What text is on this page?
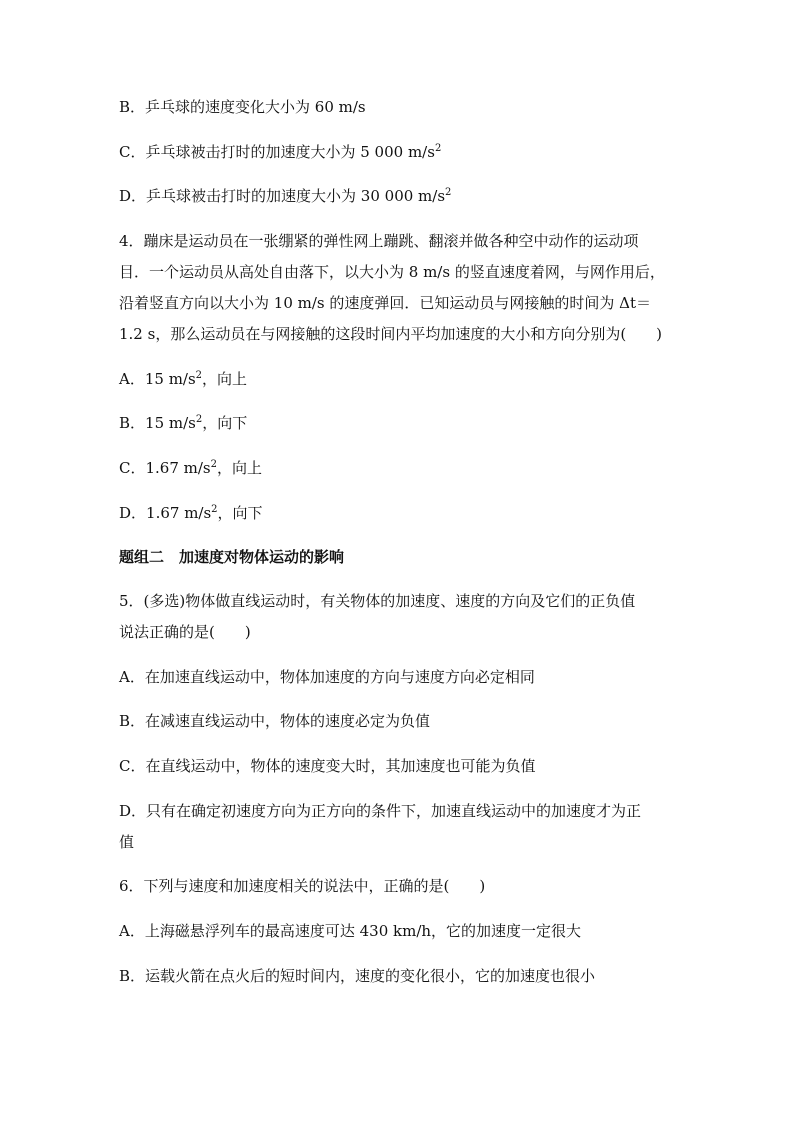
B．乒乓球的速度变化大小为 60 m/s
C．乒乓球被击打时的加速度大小为 5 000 $m/s^2$
D．乒乓球被击打时的加速度大小为 30 000 $m/s^2$
4．蹦床是运动员在一张绷紧的弹性网上蹦跳、翻滚并做各种空中动作的运动项
目．一个运动员从高处自由落下，以大小为 8 m/s 的竖直速度着网，与网作用后，
沿着竖直方向以大小为 10 m/s 的速度弹回．已知运动员与网接触的时间为 Δt＝
1.2 s，那么运动员在与网接触的这段时间内平均加速度的大小和方向分别为(　　)
A．15 $m/s^2$，向上
B．15 $m/s^2$，向下
C．1.67 $m/s^2$，向上
D．1.67 $m/s^2$，向下
题组二　加速度对物体运动的影响
5．(多选)物体做直线运动时，有关物体的加速度、速度的方向及它们的正负值
说法正确的是(　　)
A．在加速直线运动中，物体加速度的方向与速度方向必定相同
B．在减速直线运动中，物体的速度必定为负值
C．在直线运动中，物体的速度变大时，其加速度也可能为负值
D．只有在确定初速度方向为正方向的条件下，加速直线运动中的加速度才为正
值
6．下列与速度和加速度相关的说法中，正确的是(　　)
A．上海磁悬浮列车的最高速度可达 430 km/h，它的加速度一定很大
B．运载火箭在点火后的短时间内，速度的变化很小，它的加速度也很小
